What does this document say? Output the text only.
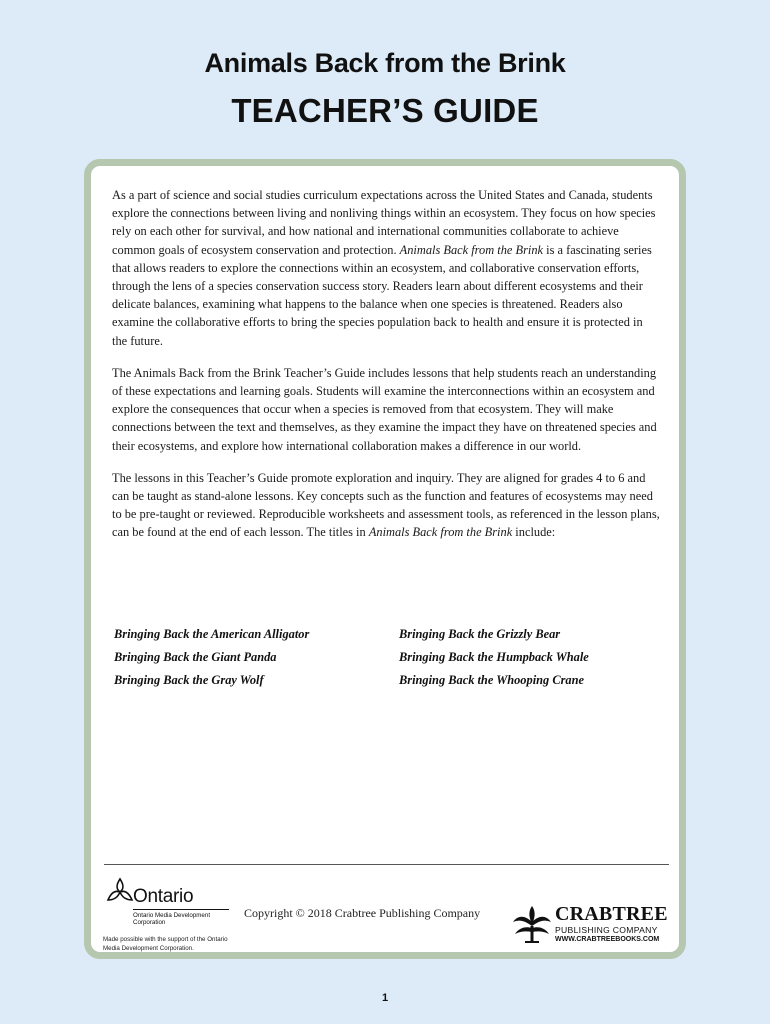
Animals Back from the Brink
TEACHER’S GUIDE

As a part of science and social studies curriculum expectations across the United States and Canada, students explore the connections between living and nonliving things within an ecosystem. They focus on how species rely on each other for survival, and how national and international communities collaborate to achieve common goals of ecosystem conservation and protection. Animals Back from the Brink is a fascinating series that allows readers to explore the connections within an ecosystem, and collaborative conservation efforts, through the lens of a species conservation success story. Readers learn about different ecosystems and their delicate balances, examining what happens to the balance when one species is threatened. Readers also examine the collaborative efforts to bring the species population back to health and ensure it is protected in the future.

The Animals Back from the Brink Teacher’s Guide includes lessons that help students reach an understanding of these expectations and learning goals. Students will examine the interconnections within an ecosystem and explore the consequences that occur when a species is removed from that ecosystem. They will make connections between the text and themselves, as they examine the impact they have on threatened species and their ecosystems, and explore how international collaboration makes a difference in our world.

The lessons in this Teacher’s Guide promote exploration and inquiry. They are aligned for grades 4 to 6 and can be taught as stand-alone lessons. Key concepts such as the function and features of ecosystems may need to be pre-taught or reviewed. Reproducible worksheets and assessment tools, as referenced in the lesson plans, can be found at the end of each lesson. The titles in Animals Back from the Brink include:

Bringing Back the American Alligator	Bringing Back the Grizzly Bear
Bringing Back the Giant Panda	Bringing Back the Humpback Whale
Bringing Back the Gray Wolf	Bringing Back the Whooping Crane
Ontario
Ontario Media Development Corporation
Made possible with the support of the Ontario Media Development Corporation.
Copyright © 2018 Crabtree Publishing Company	CRABTREE
PUBLISHING COMPANY
WWW.CRABTREEBOOKS.COM
1
